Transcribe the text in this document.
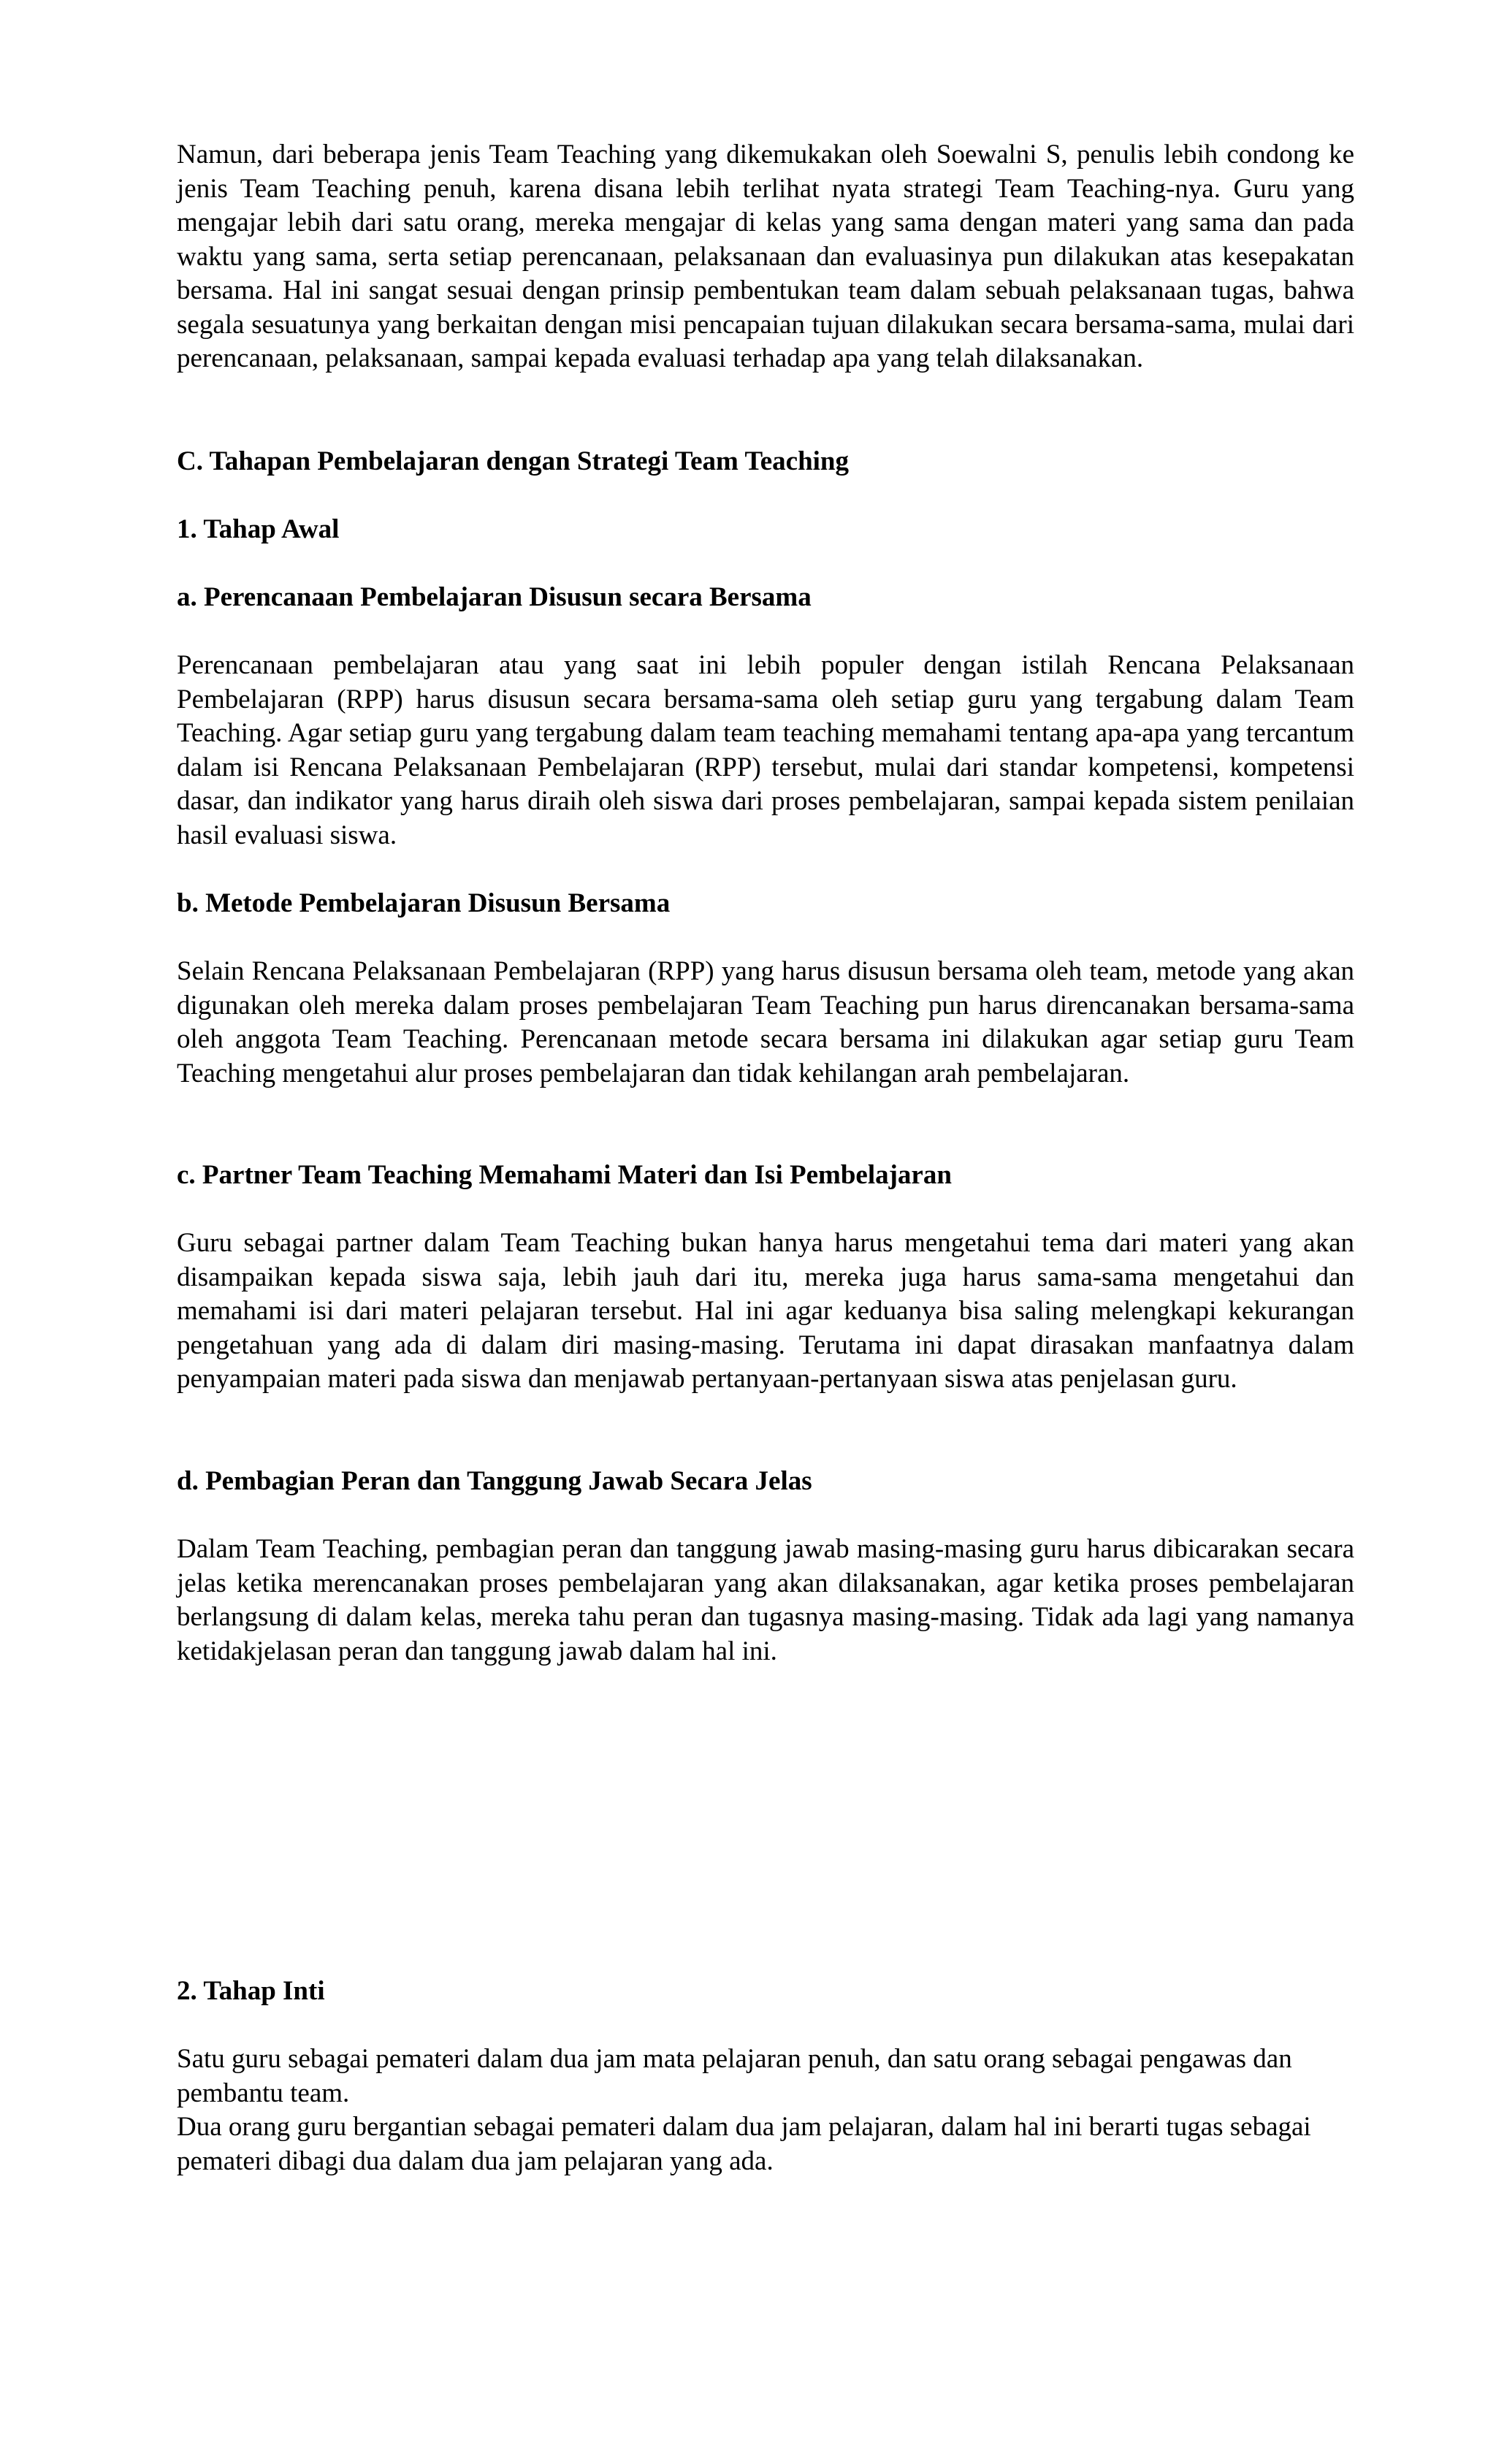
Namun, dari beberapa jenis Team Teaching yang dikemukakan oleh Soewalni S, penulis lebih condong ke jenis Team Teaching penuh, karena disana lebih terlihat nyata strategi Team Teaching-nya. Guru yang mengajar lebih dari satu orang, mereka mengajar di kelas yang sama dengan materi yang sama dan pada waktu yang sama, serta setiap perencanaan, pelaksanaan dan evaluasinya pun dilakukan atas kesepakatan bersama. Hal ini sangat sesuai dengan prinsip pembentukan team dalam sebuah pelaksanaan tugas, bahwa segala sesuatunya yang berkaitan dengan misi pencapaian tujuan dilakukan secara bersama-sama, mulai dari perencanaan, pelaksanaan, sampai kepada evaluasi terhadap apa yang telah dilaksanakan.

C. Tahapan Pembelajaran dengan Strategi Team Teaching
1. Tahap Awal
a. Perencanaan Pembelajaran Disusun secara Bersama

Perencanaan pembelajaran atau yang saat ini lebih populer dengan istilah Rencana Pelaksanaan Pembelajaran (RPP) harus disusun secara bersama-sama oleh setiap guru yang tergabung dalam Team Teaching. Agar setiap guru yang tergabung dalam team teaching memahami tentang apa-apa yang tercantum dalam isi Rencana Pelaksanaan Pembelajaran (RPP) tersebut, mulai dari standar kompetensi, kompetensi dasar, dan indikator yang harus diraih oleh siswa dari proses pembelajaran, sampai kepada sistem penilaian hasil evaluasi siswa.

b. Metode Pembelajaran Disusun Bersama

Selain Rencana Pelaksanaan Pembelajaran (RPP) yang harus disusun bersama oleh team, metode yang akan digunakan oleh mereka dalam proses pembelajaran Team Teaching pun harus direncanakan bersama-sama oleh anggota Team Teaching. Perencanaan metode secara bersama ini dilakukan agar setiap guru Team Teaching mengetahui alur proses pembelajaran dan tidak kehilangan arah pembelajaran.

c. Partner Team Teaching Memahami Materi dan Isi Pembelajaran

Guru sebagai partner dalam Team Teaching bukan hanya harus mengetahui tema dari materi yang akan disampaikan kepada siswa saja, lebih jauh dari itu, mereka juga harus sama-sama mengetahui dan memahami isi dari materi pelajaran tersebut. Hal ini agar keduanya bisa saling melengkapi kekurangan pengetahuan yang ada di dalam diri masing-masing. Terutama ini dapat dirasakan manfaatnya dalam penyampaian materi pada siswa dan menjawab pertanyaan-pertanyaan siswa atas penjelasan guru.

d. Pembagian Peran dan Tanggung Jawab Secara Jelas

Dalam Team Teaching, pembagian peran dan tanggung jawab masing-masing guru harus dibicarakan secara jelas ketika merencanakan proses pembelajaran yang akan dilaksanakan, agar ketika proses pembelajaran berlangsung di dalam kelas, mereka tahu peran dan tugasnya masing-masing. Tidak ada lagi yang namanya ketidakjelasan peran dan tanggung jawab dalam hal ini.

2. Tahap Inti

Satu guru sebagai pemateri dalam dua jam mata pelajaran penuh, dan satu orang sebagai pengawas dan pembantu team.

Dua orang guru bergantian sebagai pemateri dalam dua jam pelajaran, dalam hal ini berarti tugas sebagai pemateri dibagi dua dalam dua jam pelajaran yang ada.
